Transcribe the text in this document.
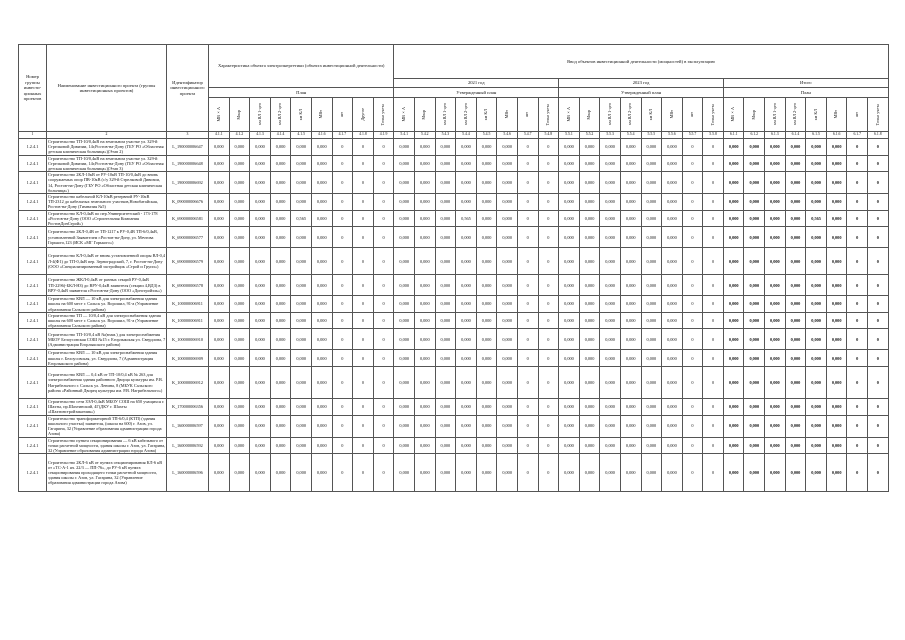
Номер группы инвести-ционных проектов	Наименование инвестиционного проекта (группы инвестиционных проектов)	Идентификатор инвестиционного проекта	Характеристика объекта электроэнергетики (объекта инвестиционной деятельности)									Ввод объектов инвестиционной деятельности (мощностей) в эксплуатацию																							
												2021 год								2023 год								Итого							
			План									Утвержденный план								Утвержденный план								План							

			МВ×А	Мвар	км ВЛ 1-цеп	км ВЛ 2-цеп	км КЛ	МВт	шт	Другое	Точки учета	МВ×А	Мвар	км ВЛ 1-цеп	км ВЛ 2-цеп	км КЛ	МВт	шт	Точки учета	МВ×А	Мвар	км ВЛ 1-цеп	км ВЛ 2-цеп	км КЛ	МВт	шт	Точки учета	МВ×А	Мвар	км ВЛ 1-цеп	км ВЛ 2-цеп	км КЛ	МВт	шт	Точки учета

1	2	3	4.1.1	4.1.2	4.1.3	4.1.4	4.1.5	4.1.6	4.1.7	4.1.8	4.1.9	5.4.1	5.4.2	5.4.3	5.4.4	5.4.5	5.4.6	5.4.7	5.4.8	5.5.1	5.5.2	5.5.3	5.5.4	5.5.5	5.5.6	5.5.7	5.5.8	6.1.1	6.1.2	6.1.3	6.1.4	6.1.5	6.1.6	6.1.7	6.1.8
1.2.4.1	Строительство ТП-10/0,4кВ на земельном участке ул. 329-й Стрелковой Дивизии, 14г,Ростов-на-Дону (ГБУ РО «Областная детская клиническая больница»)(Этап 2)	L_190000006647	0,000	0,000	0,000	0,000	0,000	0,000	0	0	0	0,000	0,000	0,000	0,000	0,000	0,000	0	0	0,000	0,000	0,000	0,000	0,000	0,000	0	0	0,000	0,000	0,000	0,000	0,000	0,000	0	0
1.2.4.1	Строительство ТП-10/0,4кВ на земельном участке ул. 329-й Стрелковой Дивизии, 14г,Ростов-на-Дону (ГБУ РО «Областная детская клиническая больница»)(Этап 3)	L_190000006648	0,000	0,000	0,000	0,000	0,000	0,000	0	0	0	0,000	0,000	0,000	0,000	0,000	0,000	0	0	0,000	0,000	0,000	0,000	0,000	0,000	0	0	0,000	0,000	0,000	0,000	0,000	0,000	0	0
1.2.4.1	Строительство 2КЛ-10кВ от РУ-10кВ ТП-10/0,4кВ до вновь сооружаемых опор ПВ-10кВ (с/у 329-й Стрелковой Дивизии, 14, Ростов-на-Дону (ГБУ РО «Областная детская клиническая больница»)	L_190000006692	0,000	0,000	0,000	0,000	0,000	0,000	0	0	0	0,000	0,000	0,000	0,000	0,000	0,000	0	0	0,000	0,000	0,000	0,000	0,000	0,000	0	0	0,000	0,000	0,000	0,000	0,000	0,000	0	0
1.2.4.1	Строительство кабельной КЛ-10кВ резервной РУ-10кВ ТП-2312 до кабельных земельного участков,Новобатайская, Ростов-на-Дону (Гимназия №5)	K_090000006676	0,000	0,000	0,000	0,000	0,000	0,000	0	0	0	0,000	0,000	0,000	0,000	0,000	0,000	0	0	0,000	0,000	0,000	0,000	0,000	0,000	0	0	0,000	0,000	0,000	0,000	0,000	0,000	0	0
1.2.4.1	Строительство КЛ-0,4кВ по пер.Университетский - 173-178 «Ростов-на-Дону (ООО «Строительная Компания РостовДонСтрой»)	K_690000006581	0,000	0,000	0,000	0,000	0,565	0,000	0	0	0	0,000	0,000	0,000	0,565	0,000	0,000	0	0	0,000	0,000	0,000	0,000	0,000	0,000	0	0	0,000	0,000	0,000	0,000	0,565	0,000	0	0
1.2.4.1	Строительство 2КЛ-0,4В от ТП-1217 к РУ-0,4В ТП-6/0,4кВ, установленной Заявителем г.Ростов-на-Дону, ул. Мечтова Горького,123 (ИСК «МГ Горького»)	K_690000006577	0,000	0,000	0,000	0,000	0,000	0,000	0	0	0	0,000	0,000	0,000	0,000	0,000	0,000	0	0	0,000	0,000	0,000	0,000	0,000	0,000	0	0	0,000	0,000	0,000	0,000	0,000	0,000	0	0
1.2.4.1	Строительство КЛ-0,4кВ от вновь установленной опоры ВЛ-0,4 Л-4(Ф1) до ТП-0,4кВ пер. Зерноградский, 7, г. Ростов-на-Дону (ООО «Специализированный застройщик «Строй и Групп»)	K_690000006579	0,000	0,000	0,000	0,000	0,000	0,000	0	0	0	0,000	0,000	0,000	0,000	0,000	0,000	0	0	0,000	0,000	0,000	0,000	0,000	0,000	0	0	0,000	0,000	0,000	0,000	0,000	0,000	0	0
1.2.4.1	Строительство ЖКЛ-0,4кВ от разных секций РУ-0,4кВ ТП-2296(-БКЛ-НЗ) до ВРУ-0,4кВ заявителя (секции 4,ВДЗ) в ВРУ-0,4кВ заявителя г.Ростов-на-Дону (ООО «Донстройэль»)	K_690000006578	0,000	0,000	0,000	0,000	0,000	0,000	0	0	0	0,000	0,000	0,000	0,000	0,000	0,000	0	0	0,000	0,000	0,000	0,000	0,000	0,000	0	0	0,000	0,000	0,000	0,000	0,000	0,000	0	0
1.2.4.1	Строительство КВЛ — 10 кВ для электроснабжения здания школы на 600 мест г. Сальск ул. Ворошил, 91-а (Управление образования Сальского района)	K_100000006911	0,000	0,000	0,000	0,000	0,000	0,000	0	0	0	0,000	0,000	0,000	0,000	0,000	0,000	0	0	0,000	0,000	0,000	0,000	0,000	0,000	0	0	0,000	0,000	0,000	0,000	0,000	0,000	0	0
1.2.4.1	Строительство ТП — 10/0,4 кВ для электроснабжения здания школы на 600 мест г. Сальск ул. Ворошил, 91-а (Управление образования Сальского района)	K_100000006911	0,000	0,000	0,000	0,000	0,000	0,000	0	0	0	0,000	0,000	0,000	0,000	0,000	0,000	0	0	0,000	0,000	0,000	0,000	0,000	0,000	0	0	0,000	0,000	0,000	0,000	0,000	0,000	0	0
1.2.4.1	Строительство ТП-10/0,4 кВ №(взам.) для электроснабжения МБОУ Белоусовская СОШ №15 г. Егорлыкская ул. Свердлова, 7 (Администрация Егорлыкского района)	K_100000006910	0,000	0,000	0,000	0,000	0,000	0,000	0	0	0	0,000	0,000	0,000	0,000	0,000	0,000	0	0	0,000	0,000	0,000	0,000	0,000	0,000	0	0	0,000	0,000	0,000	0,000	0,000	0,000	0	0
1.2.4.1	Строительство КВЛ — 10 кВ для электроснабжения здания школы г. Белоусовская, ул. Свердлова, 7 (Администрация Егорлыкского района)	K_100000006909	0,000	0,000	0,000	0,000	0,000	0,000	0	0	0	0,000	0,000	0,000	0,000	0,000	0,000	0	0	0,000	0,000	0,000	0,000	0,000	0,000	0	0	0,000	0,000	0,000	0,000	0,000	0,000	0	0
1.2.4.1	Строительство КВЛ — 0,4 кВ от ТП-10/0,4 кВ № 263 для электроснабжения здания районного Дворца культуры им. Р.В. Нагрибельного г. Сальск ул. Ленина, 8 (МБУК Сальского района «Районный Дворец культуры им. Р.В. Нагрибельного»)	K_100000006912	0,000	0,000	0,000	0,000	0,000	0,000	0	0	0	0,000	0,000	0,000	0,000	0,000	0,000	0	0	0,000	0,000	0,000	0,000	0,000	0,000	0	0	0,000	0,000	0,000	0,000	0,000	0,000	0	0
1.2.4.1	Строительство сети ЗЭЛ-0,4кВ МБОУ СОШ на 650 учащихся г. Шахты, пр.Шахтинский, 4Г(ДКУ г. Шахты «Шахтинстройзаказчик»)	K_170000006356	0,000	0,000	0,000	0,000	0,000	0,000	0	0	0	0,000	0,000	0,000	0,000	0,000	0,000	0	0	0,000	0,000	0,000	0,000	0,000	0,000	0	0	0,000	0,000	0,000	0,000	0,000	0,000	0	0
1.2.4.1	Строительство трансформаторной ТП-6/0,4 (КТП) (здания школьного участка) заявителя, (школа на 600) г. Азов, ул. Гагарина, 32 (Управление образования администрации города Азова)	L_160000006597	0,000	0,000	0,000	0,000	0,000	0,000	0	0	0	0,000	0,000	0,000	0,000	0,000	0,000	0	0	0,000	0,000	0,000	0,000	0,000	0,000	0	0	0,000	0,000	0,000	0,000	0,000	0,000	0	0
1.2.4.1	Строительство пункта секционирования — 6 кВ кабельного от точки расчетной мощности, здания школы г. Азов, ул. Гагарина, 32 (Управление образования администрации города Азова)	L_160000006592	0,000	0,000	0,000	0,000	0,000	0,000	0	0	0	0,000	0,000	0,000	0,000	0,000	0,000	0	0	0,000	0,000	0,000	0,000	0,000	0,000	0	0	0,000	0,000	0,000	0,000	0,000	0,000	0	0
1.2.4.1	Строительство 2КЛ-6 кВ от пункта секционирования КЛ-6 кВ от «ТС-А-1 яч. 22/3 — ПП-76», до РУ-6 кВ пункта секционирования проходящего точки расчетной мощности, здания школы г. Азов, ул. Гагарина, 32 (Управление образования администрации города Азова)	L_160000006596	0,000	0,000	0,000	0,000	0,000	0,000	0	0	0	0,000	0,000	0,000	0,000	0,000	0,000	0	0	0,000	0,000	0,000	0,000	0,000	0,000	0	0	0,000	0,000	0,000	0,000	0,000	0,000	0	0
